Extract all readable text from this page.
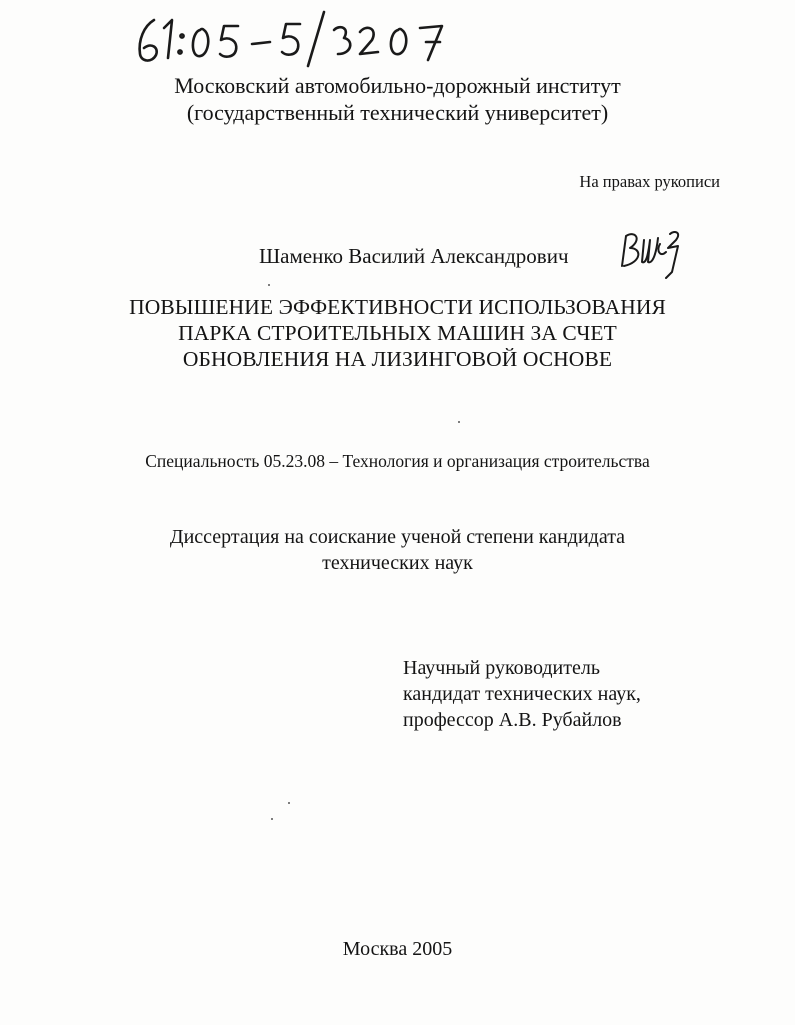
Московский автомобильно-дорожный институт
(государственный технический университет)
На правах рукописи
Шаменко Василий Александрович
ПОВЫШЕНИЕ ЭФФЕКТИВНОСТИ ИСПОЛЬЗОВАНИЯ
ПАРКА СТРОИТЕЛЬНЫХ МАШИН ЗА СЧЕТ
ОБНОВЛЕНИЯ НА ЛИЗИНГОВОЙ ОСНОВЕ
Специальность 05.23.08 – Технология и организация строительства
Диссертация на соискание ученой степени кандидата
технических наук
Научный руководитель
кандидат технических наук,
профессор А.В. Рубайлов
Москва 2005
